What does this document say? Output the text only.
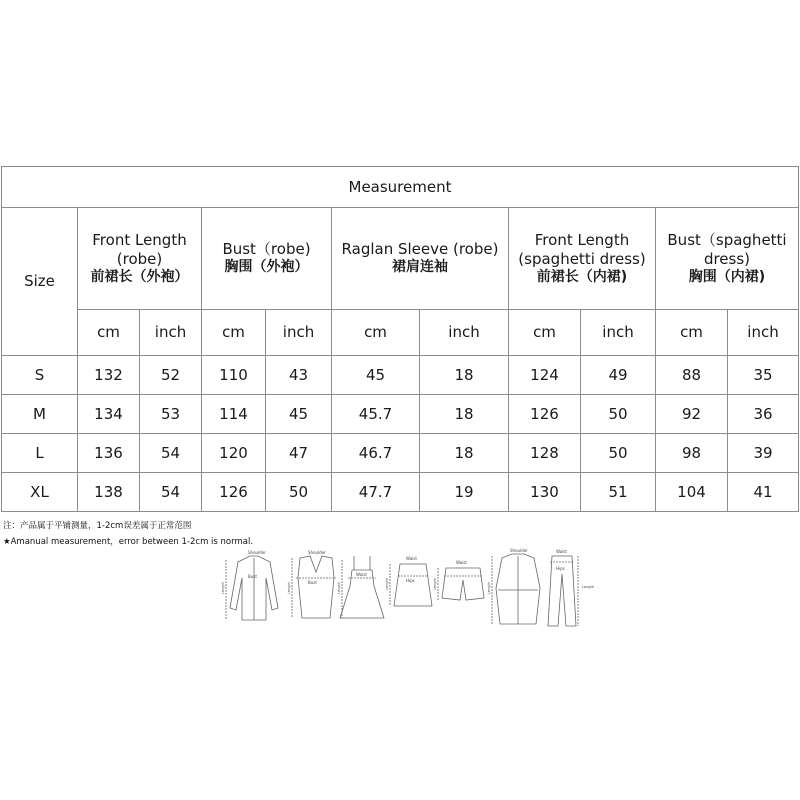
Measurement										
Size	Front Length (robe)
前裙长（外袍）		Bust（robe)
胸围（外袍）		Raglan Sleeve (robe)
裙肩连袖		Front Length (spaghetti dress)
前裙长（内裙)		Bust（spaghetti dress)
胸围（内裙)	

	cm	inch	cm	inch	cm	inch	cm	inch	cm	inch
S	132	52	110	43	45	18	124	49	88	35
M	134	53	114	45	45.7	18	126	50	92	36
L	136	54	120	47	46.7	18	128	50	98	39
XL	138	54	126	50	47.7	19	130	51	104	41
注：产品属于平铺测量，1-2cm误差属于正常范围
★Amanual measurement，error between 1-2cm is normal.
Shoulder
Bust
Length
Shoulder
Bust
Length
Waist
Length
Waist
Hips
Length
Waist
Length
Shoulder
Length
Waist
Hips
Length
